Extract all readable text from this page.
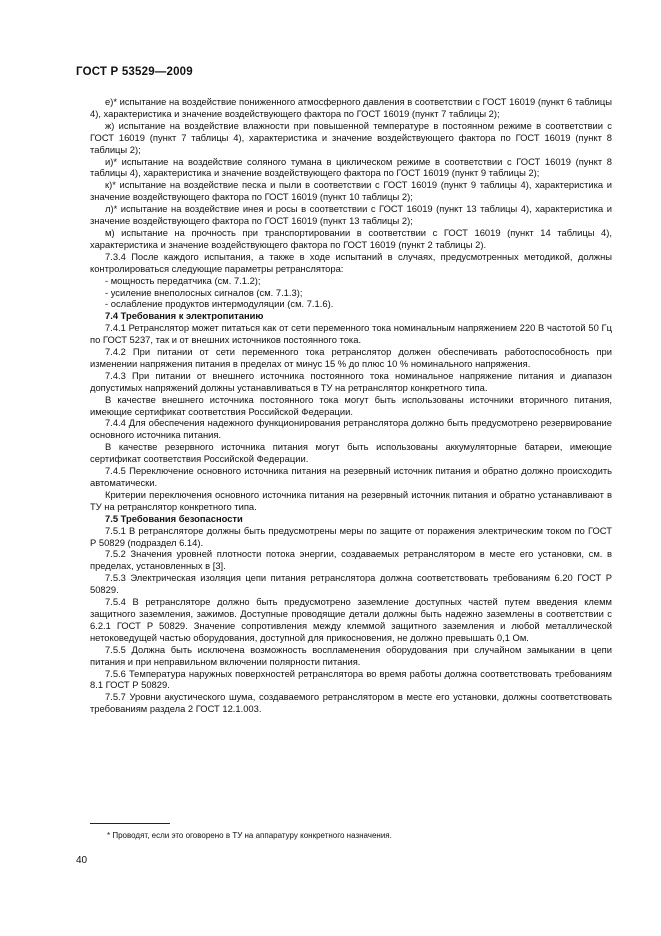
ГОСТ Р 53529—2009

е)* испытание на воздействие пониженного атмосферного давления в соответствии с ГОСТ 16019 (пункт 6 таблицы 4), характеристика и значение воздействующего фактора по ГОСТ 16019 (пункт 7 таблицы 2);

ж) испытание на воздействие влажности при повышенной температуре в постоянном режиме в соответствии с ГОСТ 16019 (пункт 7 таблицы 4), характеристика и значение воздействующего фактора по ГОСТ 16019 (пункт 8 таблицы 2);

и)* испытание на воздействие соляного тумана в циклическом режиме в соответствии с ГОСТ 16019 (пункт 8 таблицы 4), характеристика и значение воздействующего фактора по ГОСТ 16019 (пункт 9 таблицы 2);

к)* испытание на воздействие песка и пыли в соответствии с ГОСТ 16019 (пункт 9 таблицы 4), характеристика и значение воздействующего фактора по ГОСТ 16019 (пункт 10 таблицы 2);

л)* испытание на воздействие инея и росы в соответствии с ГОСТ 16019 (пункт 13 таблицы 4), характеристика и значение воздействующего фактора по ГОСТ 16019 (пункт 13 таблицы 2);

м) испытание на прочность при транспортировании в соответствии с ГОСТ 16019 (пункт 14 таблицы 4), характеристика и значение воздействующего фактора по ГОСТ 16019 (пункт 2 таблицы 2).

7.3.4 После каждого испытания, а также в ходе испытаний в случаях, предусмотренных методикой, должны контролироваться следующие параметры ретранслятора:

- мощность передатчика (см. 7.1.2);

- усиление внеполосных сигналов (см. 7.1.3);

- ослабление продуктов интермодуляции (см. 7.1.6).

7.4 Требования к электропитанию

7.4.1 Ретранслятор может питаться как от сети переменного тока номинальным напряжением 220 В частотой 50 Гц по ГОСТ 5237, так и от внешних источников постоянного тока.

7.4.2 При питании от сети переменного тока ретранслятор должен обеспечивать работоспособность при изменении напряжения питания в пределах от минус 15 % до плюс 10 % номинального напряжения.

7.4.3 При питании от внешнего источника постоянного тока номинальное напряжение питания и диапазон допустимых напряжений должны устанавливаться в ТУ на ретранслятор конкретного типа.

В качестве внешнего источника постоянного тока могут быть использованы источники вторичного питания, имеющие сертификат соответствия Российской Федерации.

7.4.4 Для обеспечения надежного функционирования ретранслятора должно быть предусмотрено резервирование основного источника питания.

В качестве резервного источника питания могут быть использованы аккумуляторные батареи, имеющие сертификат соответствия Российской Федерации.

7.4.5 Переключение основного источника питания на резервный источник питания и обратно должно происходить автоматически.

Критерии переключения основного источника питания на резервный источник питания и обратно устанавливают в ТУ на ретранслятор конкретного типа.

7.5 Требования безопасности

7.5.1 В ретрансляторе должны быть предусмотрены меры по защите от поражения электрическим током по ГОСТ Р 50829 (подраздел 6.14).

7.5.2 Значения уровней плотности потока энергии, создаваемых ретранслятором в месте его установки, см. в пределах, установленных в [3].

7.5.3 Электрическая изоляция цепи питания ретранслятора должна соответствовать требованиям 6.20 ГОСТ Р 50829.

7.5.4 В ретрансляторе должно быть предусмотрено заземление доступных частей путем введения клемм защитного заземления, зажимов. Доступные проводящие детали должны быть надежно заземлены в соответствии с 6.2.1 ГОСТ Р 50829. Значение сопротивления между клеммой защитного заземления и любой металлической нетоковедущей частью оборудования, доступной для прикосновения, не должно превышать 0,1 Ом.

7.5.5 Должна быть исключена возможность воспламенения оборудования при случайном замыкании в цепи питания и при неправильном включении полярности питания.

7.5.6 Температура наружных поверхностей ретранслятора во время работы должна соответствовать требованиям 8.1 ГОСТ Р 50829.

7.5.7 Уровни акустического шума, создаваемого ретранслятором в месте его установки, должны соответствовать требованиям раздела 2 ГОСТ 12.1.003.

* Проводят, если это оговорено в ТУ на аппаратуру конкретного назначения.
40
